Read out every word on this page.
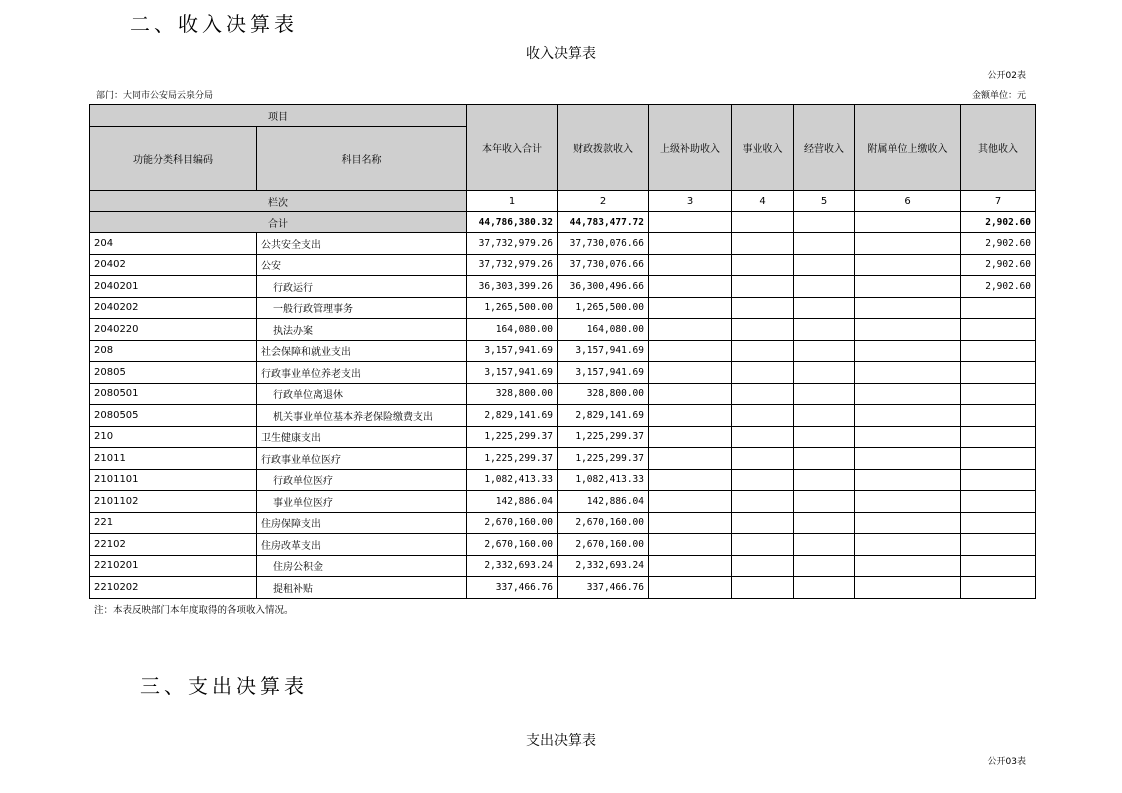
二、收入决算表
收入决算表
公开02表
部门：大同市公安局云泉分局	金额单位：元
项目		本年收入合计	财政拨款收入	上级补助收入	事业收入	经营收入	附属单位上缴收入	其他收入
功能分类科目编码	科目名称							
栏次		1	2	3	4	5	6	7
合计		44,786,380.32	44,783,477.72					2,902.60
204	公共安全支出	37,732,979.26	37,730,076.66					2,902.60
20402	公安	37,732,979.26	37,730,076.66					2,902.60
2040201	行政运行	36,303,399.26	36,300,496.66					2,902.60
2040202	一般行政管理事务	1,265,500.00	1,265,500.00					
2040220	执法办案	164,080.00	164,080.00					
208	社会保障和就业支出	3,157,941.69	3,157,941.69					
20805	行政事业单位养老支出	3,157,941.69	3,157,941.69					
2080501	行政单位离退休	328,800.00	328,800.00					
2080505	机关事业单位基本养老保险缴费支出	2,829,141.69	2,829,141.69					
210	卫生健康支出	1,225,299.37	1,225,299.37					
21011	行政事业单位医疗	1,225,299.37	1,225,299.37					
2101101	行政单位医疗	1,082,413.33	1,082,413.33					
2101102	事业单位医疗	142,886.04	142,886.04					
221	住房保障支出	2,670,160.00	2,670,160.00					
22102	住房改革支出	2,670,160.00	2,670,160.00					
2210201	住房公积金	2,332,693.24	2,332,693.24					
2210202	提租补贴	337,466.76	337,466.76					
注：本表反映部门本年度取得的各项收入情况。
三、支出决算表
支出决算表
公开03表
